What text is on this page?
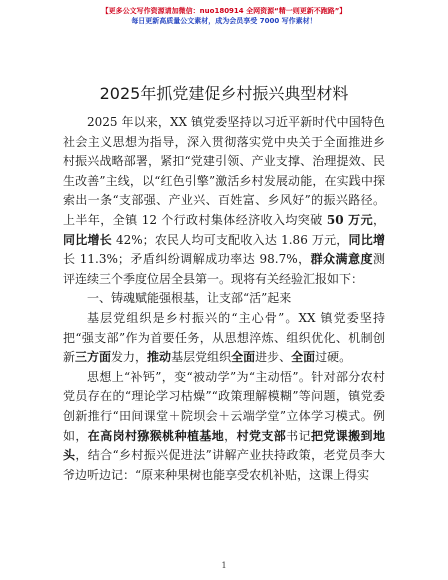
【更多公文写作资源请加微信：nuo180914 全网资源“精一则更新不跑路”】
每日更新高质量公文素材，成为会员享受 7000 写作素材！
2025年抓党建促乡村振兴典型材料

2025 年以来，XX 镇党委坚持以习近平新时代中国特色社会主义思想为指导，深入贯彻落实党中央关于全面推进乡村振兴战略部署，紧扣“党建引领、产业支撑、治理提效、民生改善”主线，以“红色引擎”激活乡村发展动能，在实践中探索出一条“支部强、产业兴、百姓富、乡风好”的振兴路径。上半年，全镇 12 个行政村集体经济收入均突破 50 万元，同比增长 42%；农民人均可支配收入达 1.86 万元，同比增长 11.3%；矛盾纠纷调解成功率达 98.7%，群众满意度测评连续三个季度位居全县第一。现将有关经验汇报如下：

一、铸魂赋能强根基，让支部“活”起来

基层党组织是乡村振兴的“主心骨”。XX 镇党委坚持把“强支部”作为首要任务，从思想淬炼、组织优化、机制创新三方面发力，推动基层党组织全面进步、全面过硬。

思想上“补钙”，变“被动学”为“主动悟”。针对部分农村党员存在的“理论学习枯燥”“政策理解模糊”等问题，镇党委创新推行“田间课堂＋院坝会＋云端学堂”立体学习模式。例如，在高岗村猕猴桃种植基地，村党支部书记把党课搬到地头，结合“乡村振兴促进法”讲解产业扶持政策，老党员李大爷边听边记：“原来种果树也能享受农机补贴，这课上得实

1
